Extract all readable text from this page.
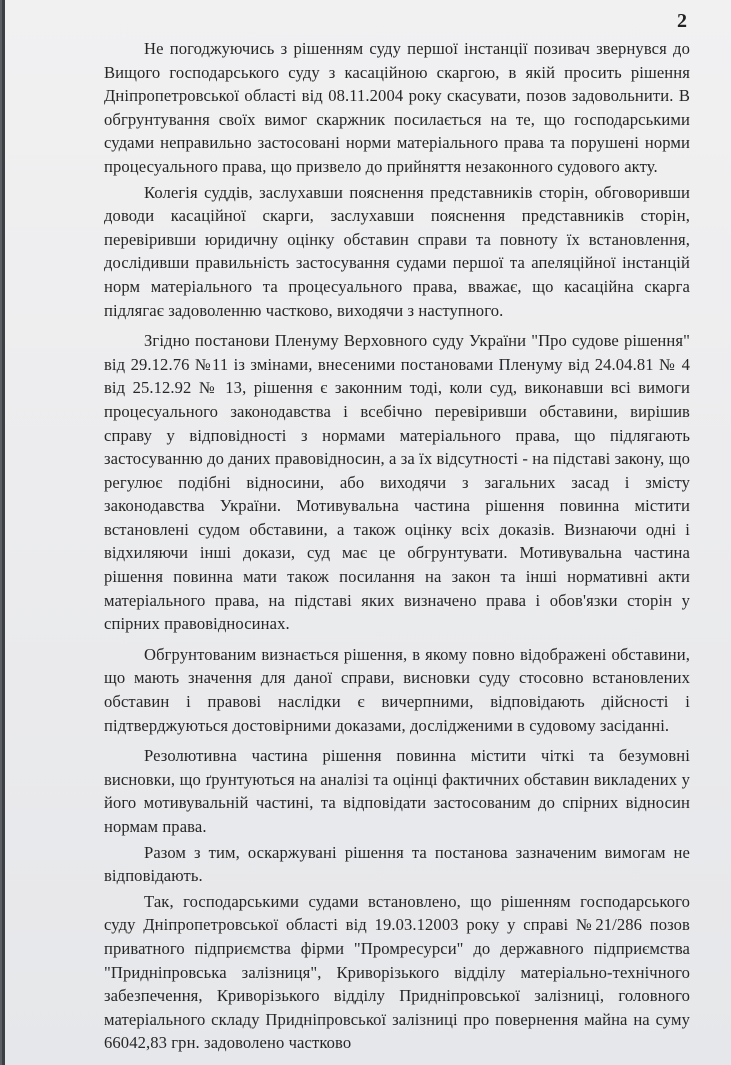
2

Не погоджуючись з рішенням суду першої інстанції позивач звернувся до Вищого господарського суду з касаційною скаргою, в якій просить рішення Дніпропетровської області від 08.11.2004 року скасувати, позов задовольнити. В обгрунтування своїх вимог скаржник посилається на те, що господарськими судами неправильно застосовані норми матеріального права та порушені норми процесуального права, що призвело до прийняття незаконного судового акту.

Колегія суддів, заслухавши пояснення представників сторін, обговоривши доводи касаційної скарги, заслухавши пояснення представників сторін, перевіривши юридичну оцінку обставин справи та повноту їх встановлення, дослідивши правильність застосування судами першої та апеляційної інстанцій норм матеріального та процесуального права, вважає, що касаційна скарга підлягає задоволенню частково, виходячи з наступного.

Згідно постанови Пленуму Верховного суду України "Про судове рішення" від 29.12.76 №11 із змінами, внесеними постановами Пленуму від 24.04.81 № 4 від 25.12.92 № 13, рішення є законним тоді, коли суд, виконавши всі вимоги процесуального законодавства і всебічно перевіривши обставини, вирішив справу у відповідності з нормами матеріального права, що підлягають застосуванню до даних правовідносин, а за їх відсутності - на підставі закону, що регулює подібні відносини, або виходячи з загальних засад і змісту законодавства України. Мотивувальна частина рішення повинна містити встановлені судом обставини, а також оцінку всіх доказів. Визнаючи одні і відхиляючи інші докази, суд має це обгрунтувати. Мотивувальна частина рішення повинна мати також посилання на закон та інші нормативні акти матеріального права, на підставі яких визначено права і обов'язки сторін у спірних правовідносинах.

Обгрунтованим визнається рішення, в якому повно відображені обставини, що мають значення для даної справи, висновки суду стосовно встановлених обставин і правові наслідки є вичерпними, відповідають дійсності і підтверджуються достовірними доказами, дослідженими в судовому засіданні.

Резолютивна частина рішення повинна містити чіткі та безумовні висновки, що ґрунтуються на аналізі та оцінці фактичних обставин викладених у його мотивувальній частині, та відповідати застосованим до спірних відносин нормам права.

Разом з тим, оскаржувані рішення та постанова зазначеним вимогам не відповідають.

Так, господарськими судами встановлено, що рішенням господарського суду Дніпропетровської області від 19.03.12003 року у справі №21/286 позов приватного підприємства фірми "Промресурси" до державного підприємства "Придніпровська залізниця", Криворізького відділу матеріально-технічного забезпечення, Криворізького відділу Придніпровської залізниці, головного матеріального складу Придніпровської залізниці про повернення майна на суму 66042,83 грн. задоволено частково
